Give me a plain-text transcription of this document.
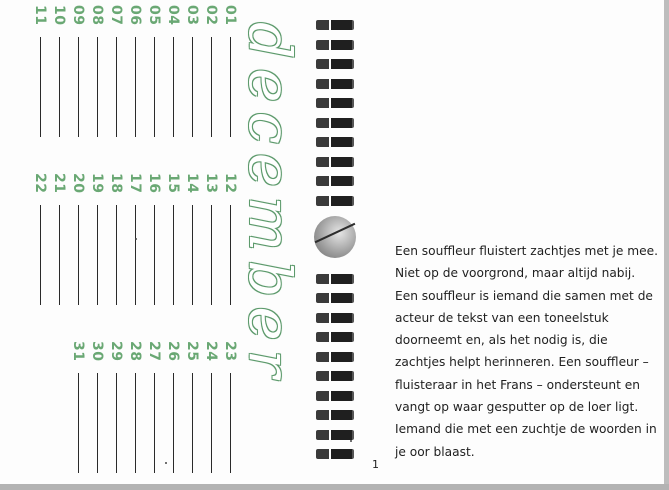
01
02
03
04
05
06
07
08
09
10
11
12
13
14
15
16
17
18
19
20
21
22
23
24
25
26
27
28
29
30
31	december	Een souffleur fluistert zachtjes met je mee. Niet op de voorgrond, maar altijd nabij. Een souffleur is iemand die samen met de acteur de tekst van een toneelstuk doorneemt en, als het nodig is, die zachtjes helpt herinneren. Een souffleur – fluisteraar in het Frans – ondersteunt en vangt op waar gesputter op de loer ligt. Iemand die met een zuchtje de woorden in je oor blaast.

1
